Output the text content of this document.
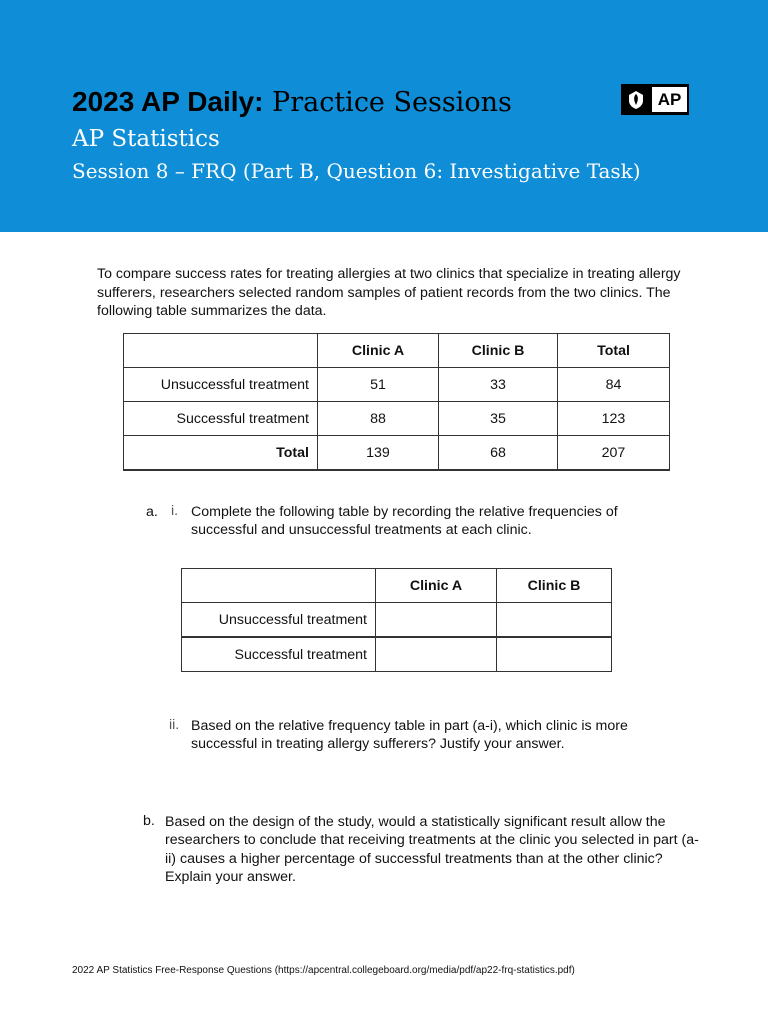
2023 AP Daily: Practice Sessions
AP Statistics
Session 8 – FRQ (Part B, Question 6: Investigative Task)
AP
To compare success rates for treating allergies at two clinics that specialize in treating allergy sufferers, researchers selected random samples of patient records from the two clinics. The following table summarizes the data.
	Clinic A	Clinic B	Total
Unsuccessful treatment	51	33	84
Successful treatment	88	35	123
Total	139	68	207
a. i. Complete the following table by recording the relative frequencies of successful and unsuccessful treatments at each clinic.
	Clinic A	Clinic B
Unsuccessful treatment		
Successful treatment		
ii. Based on the relative frequency table in part (a-i), which clinic is more successful in treating allergy sufferers? Justify your answer.
b. Based on the design of the study, would a statistically significant result allow the researchers to conclude that receiving treatments at the clinic you selected in part (a-ii) causes a higher percentage of successful treatments than at the other clinic? Explain your answer.
2022 AP Statistics Free-Response Questions (https://apcentral.collegeboard.org/media/pdf/ap22-frq-statistics.pdf)
